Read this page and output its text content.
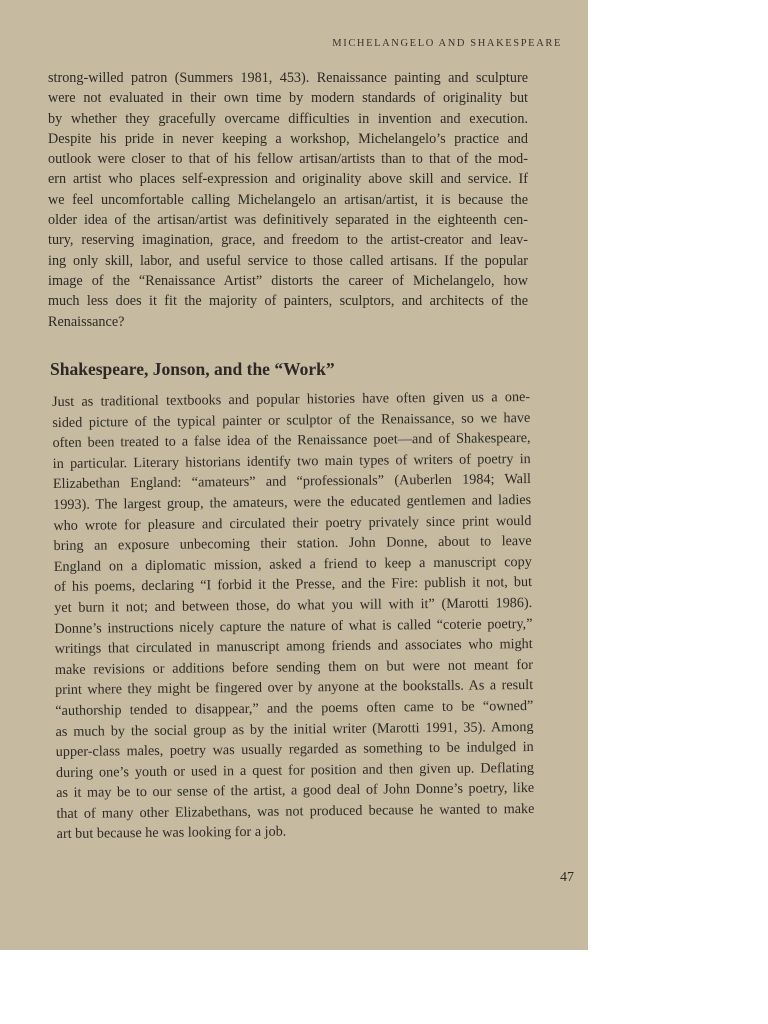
MICHELANGELO AND SHAKESPEARE
strong-willed patron (Summers 1981, 453). Renaissance painting and sculpture
were not evaluated in their own time by modern standards of originality but
by whether they gracefully overcame difficulties in invention and execution.
Despite his pride in never keeping a workshop, Michelangelo’s practice and
outlook were closer to that of his fellow artisan/artists than to that of the mod-
ern artist who places self-expression and originality above skill and service. If
we feel uncomfortable calling Michelangelo an artisan/artist, it is because the
older idea of the artisan/artist was definitively separated in the eighteenth cen-
tury, reserving imagination, grace, and freedom to the artist-creator and leav-
ing only skill, labor, and useful service to those called artisans. If the popular
image of the “Renaissance Artist” distorts the career of Michelangelo, how
much less does it fit the majority of painters, sculptors, and architects of the
Renaissance?
Shakespeare, Jonson, and the “Work”
Just as traditional textbooks and popular histories have often given us a one-
sided picture of the typical painter or sculptor of the Renaissance, so we have
often been treated to a false idea of the Renaissance poet—and of Shakespeare,
in particular. Literary historians identify two main types of writers of poetry in
Elizabethan England: “amateurs” and “professionals” (Auberlen 1984; Wall
1993). The largest group, the amateurs, were the educated gentlemen and ladies
who wrote for pleasure and circulated their poetry privately since print would
bring an exposure unbecoming their station. John Donne, about to leave
England on a diplomatic mission, asked a friend to keep a manuscript copy
of his poems, declaring “I forbid it the Presse, and the Fire: publish it not, but
yet burn it not; and between those, do what you will with it” (Marotti 1986).
Donne’s instructions nicely capture the nature of what is called “coterie poetry,”
writings that circulated in manuscript among friends and associates who might
make revisions or additions before sending them on but were not meant for
print where they might be fingered over by anyone at the bookstalls. As a result
“authorship tended to disappear,” and the poems often came to be “owned”
as much by the social group as by the initial writer (Marotti 1991, 35). Among
upper-class males, poetry was usually regarded as something to be indulged in
during one’s youth or used in a quest for position and then given up. Deflating
as it may be to our sense of the artist, a good deal of John Donne’s poetry, like
that of many other Elizabethans, was not produced because he wanted to make
art but because he was looking for a job.
47
